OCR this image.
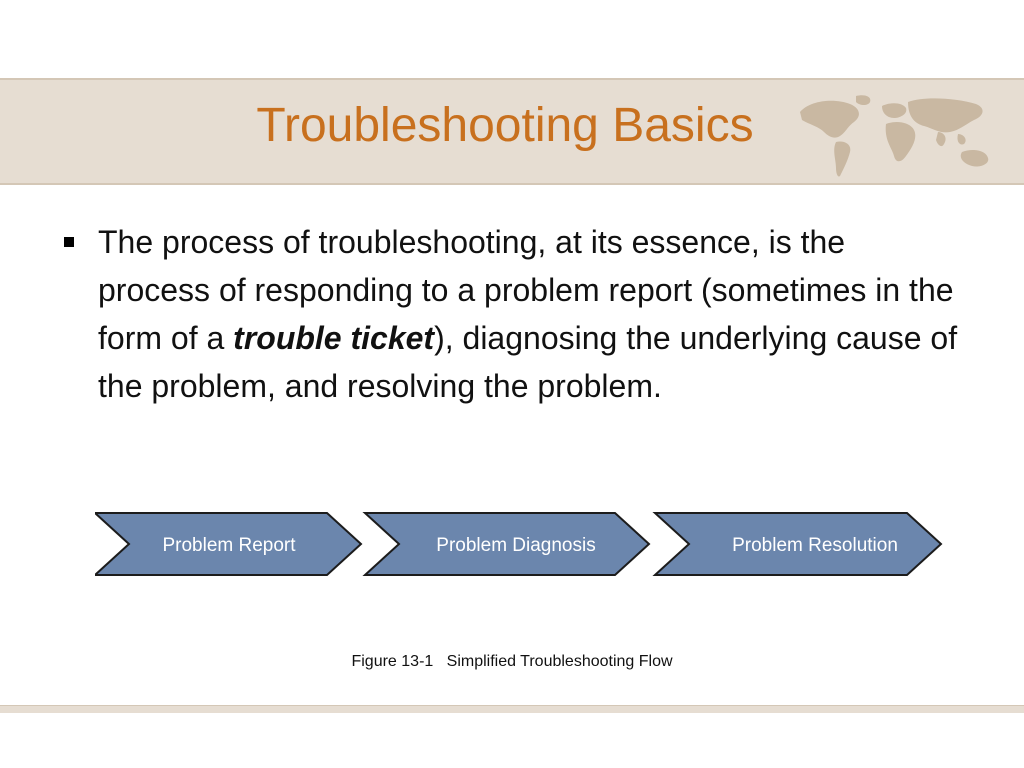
Troubleshooting Basics

The process of troubleshooting, at its essence, is the process of responding to a problem report (sometimes in the form of a trouble ticket), diagnosing the underlying cause of the problem, and resolving the problem.

Problem Report	Problem Diagnosis	Problem Resolution
Figure 13-1 Simplified Troubleshooting Flow
